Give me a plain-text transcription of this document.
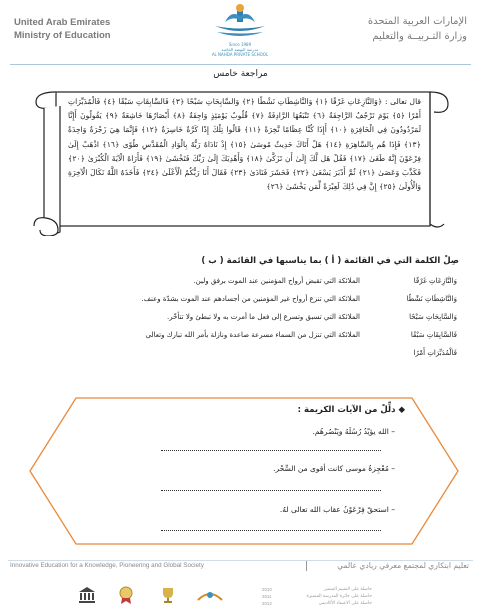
United Arab Emirates
Ministry of Education
Since 1989
مدرسة النهضة الخاصة
AL NAHDA PRIVATE SCHOOL
الإمارات العربية المتحدة
وزارة التـربيــة والتعليم
مراجعة خامس
قال تعالى : ﴿وَالنَّازِعَاتِ غَرْقًا ﴿١﴾ وَالنَّاشِطَاتِ نَشْطًا ﴿٢﴾ وَالسَّابِحَاتِ سَبْحًا ﴿٣﴾ فَالسَّابِقَاتِ سَبْقًا ﴿٤﴾ فَالْمُدَبِّرَاتِ أَمْرًا ﴿٥﴾ يَوْمَ تَرْجُفُ الرَّاجِفَةُ ﴿٦﴾ تَتْبَعُهَا الرَّادِفَةُ ﴿٧﴾ قُلُوبٌ يَوْمَئِذٍ وَاجِفَةٌ ﴿٨﴾ أَبْصَارُهَا خَاشِعَةٌ ﴿٩﴾ يَقُولُونَ أَإِنَّا لَمَرْدُودُونَ فِي الْحَافِرَةِ ﴿١٠﴾ أَإِذَا كُنَّا عِظَامًا نَّخِرَةً ﴿١١﴾ قَالُوا تِلْكَ إِذًا كَرَّةٌ خَاسِرَةٌ ﴿١٢﴾ فَإِنَّمَا هِيَ زَجْرَةٌ وَاحِدَةٌ ﴿١٣﴾ فَإِذَا هُم بِالسَّاهِرَةِ ﴿١٤﴾ هَلْ أَتَاكَ حَدِيثُ مُوسَىٰ ﴿١٥﴾ إِذْ نَادَاهُ رَبُّهُ بِالْوَادِ الْمُقَدَّسِ طُوًى ﴿١٦﴾ اذْهَبْ إِلَىٰ فِرْعَوْنَ إِنَّهُ طَغَىٰ ﴿١٧﴾ فَقُلْ هَل لَّكَ إِلَىٰ أَن تَزَكَّىٰ ﴿١٨﴾ وَأَهْدِيَكَ إِلَىٰ رَبِّكَ فَتَخْشَىٰ ﴿١٩﴾ فَأَرَاهُ الْآيَةَ الْكُبْرَىٰ ﴿٢٠﴾ فَكَذَّبَ وَعَصَىٰ ﴿٢١﴾ ثُمَّ أَدْبَرَ يَسْعَىٰ ﴿٢٢﴾ فَحَشَرَ فَنَادَىٰ ﴿٢٣﴾ فَقَالَ أَنَا رَبُّكُمُ الْأَعْلَىٰ ﴿٢٤﴾ فَأَخَذَهُ اللَّهُ نَكَالَ الْآخِرَةِ وَالْأُولَىٰ ﴿٢٥﴾ إِنَّ فِي ذَٰلِكَ لَعِبْرَةً لِّمَن يَخْشَىٰ ﴿٢٦﴾
صِلْ الكلمة التي في القائمة ( أ ) بما يناسبها في القائمة ( ب )
الملائكة التي تقبض أرواح المؤمنين عند الموت برفق ولين.
الملائكة التي تنزع أرواح غير المؤمنين من أجسادهم عند الموت بشدّة وعنف.
الملائكة التي تسبق وتسرع إلى فعل ما أمرت به ولا تبطئ ولا تتأخّر.
الملائكة التي تنزل من السماء مسرعة صاعدة ونازلة بأمر الله تبارك وتعالى
وَالنَّازِعَاتِ غَرْقًا
وَالنَّاشِطَاتِ نَشْطًا
وَالسَّابِحَاتِ سَبْحًا
فَالسَّابِقَاتِ سَبْقًا
فَالْمُدَبِّرَاتِ أَمْرًا
◆ دلِّلْ من الآيات الكريمة :
– الله يؤيّدُ رُسُلَهُ ويَنْصُرهُم.
– مُعْجِزةُ موسى كانت أقوى من السِّحْر.
– استحقّ فِرْعَوْنُ عقاب الله تعالى لهُ.
Innovative Education for a Knowledge, Pioneering and Global Society	تعليم ابتكاري لمجتمع معرفي ريادي عالمي
2010
2011
2012
حاصلة على التقييم المتميز
حاصلة على جائزة المدرسة المتميزة
حاصلة على الاعتماد الأكاديمي
